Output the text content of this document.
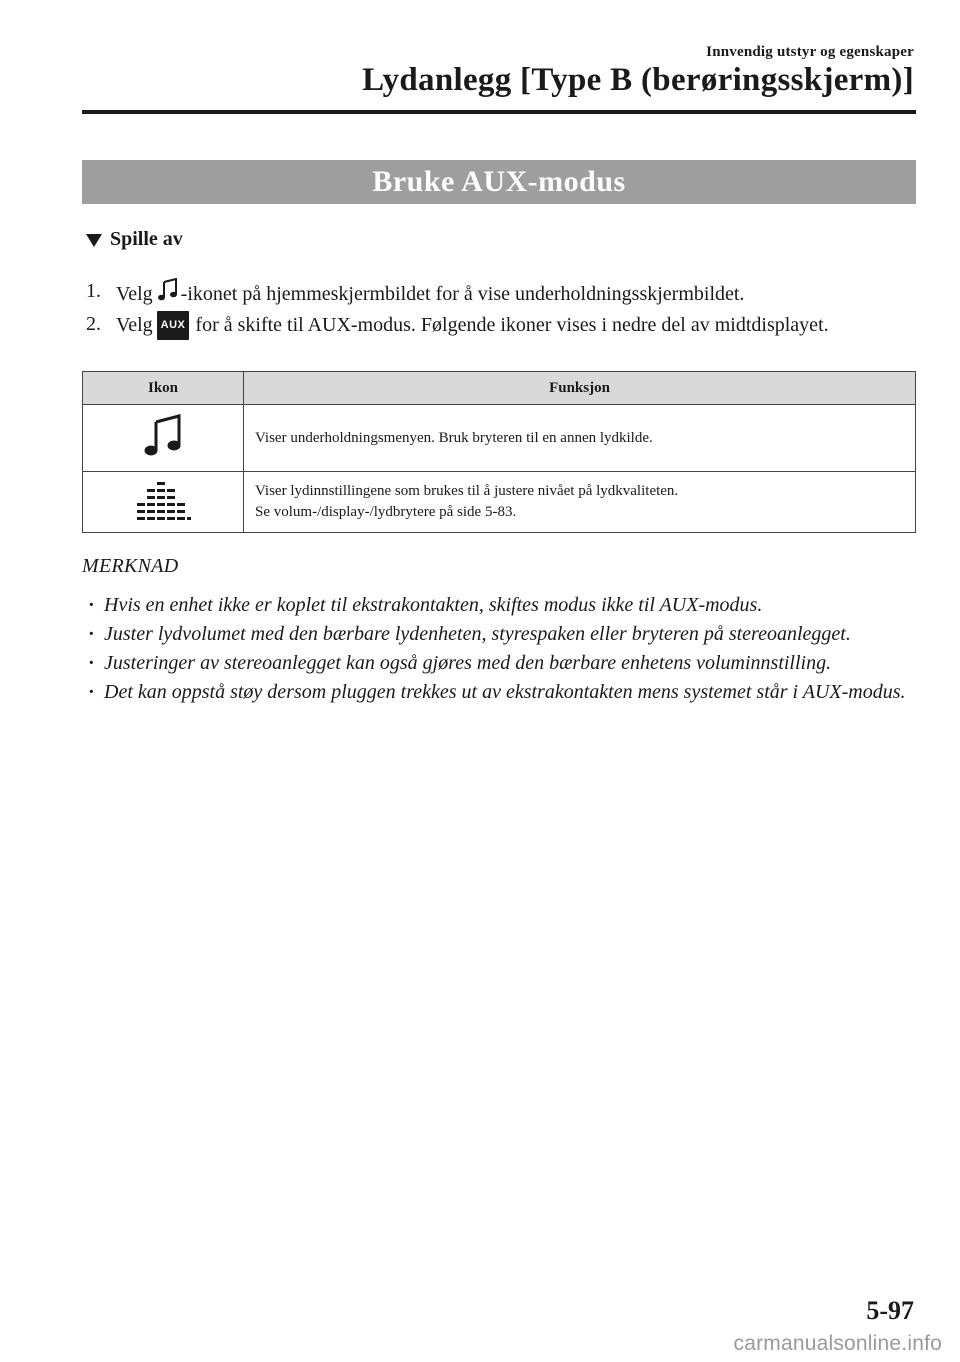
Innvendig utstyr og egenskaper
Lydanlegg [Type B (berøringsskjerm)]
Bruke AUX-modus
Spille av
1. Velg -ikonet på hjemmeskjermbildet for å vise underholdningsskjermbildet.
2. Velg AUX for å skifte til AUX-modus. Følgende ikoner vises i nedre del av midtdisplayet.
Ikon	Funksjon

Viser underholdningsmenyen. Bruk bryteren til en annen lydkilde.

Viser lydinnstillingene som brukes til å justere nivået på lydkvaliteten.
Se volum-/display-/lydbrytere på side 5-83.
MERKNAD
· Hvis en enhet ikke er koplet til ekstrakontakten, skiftes modus ikke til AUX-modus.
· Juster lydvolumet med den bærbare lydenheten, styrespaken eller bryteren på stereoanlegget.
· Justeringer av stereoanlegget kan også gjøres med den bærbare enhetens voluminnstilling.
· Det kan oppstå støy dersom pluggen trekkes ut av ekstrakontakten mens systemet står i AUX-modus.
5-97
carmanualsonline.info
